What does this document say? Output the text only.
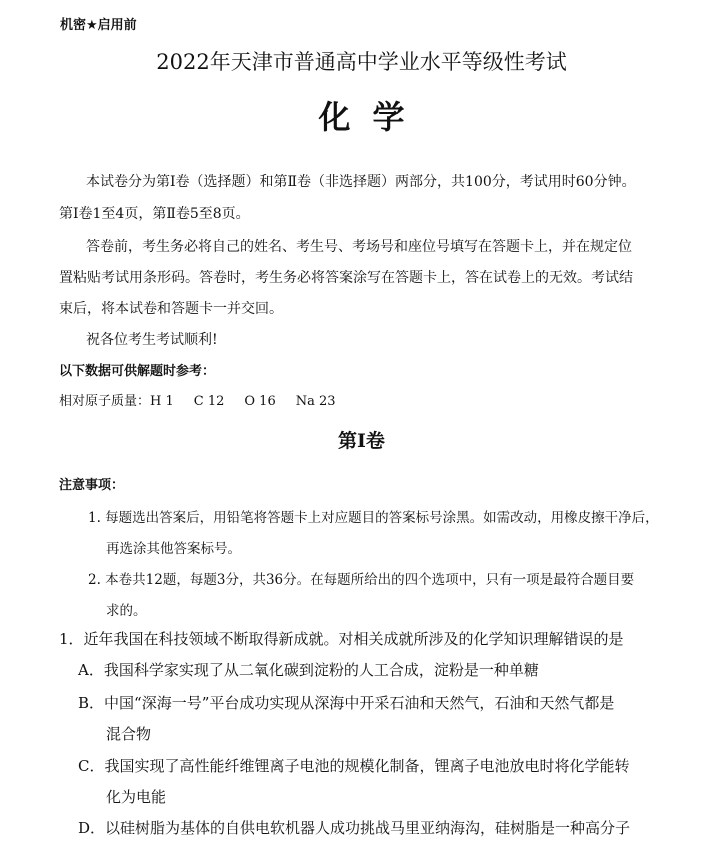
机密★启用前
2022年天津市普通高中学业水平等级性考试
化学
本试卷分为第Ⅰ卷（选择题）和第Ⅱ卷（非选择题）两部分，共100分，考试用时60分钟。
第Ⅰ卷1至4页，第Ⅱ卷5至8页。
答卷前，考生务必将自己的姓名、考生号、考场号和座位号填写在答题卡上，并在规定位
置粘贴考试用条形码。答卷时，考生务必将答案涂写在答题卡上，答在试卷上的无效。考试结
束后，将本试卷和答题卡一并交回。
祝各位考生考试顺利!
以下数据可供解题时参考：
相对原子质量：H 1 C 12 O 16 Na 23
第Ⅰ卷
注意事项：
1. 每题选出答案后，用铅笔将答题卡上对应题目的答案标号涂黑。如需改动，用橡皮擦干净后，
再选涂其他答案标号。
2. 本卷共12题，每题3分，共36分。在每题所给出的四个选项中，只有一项是最符合题目要
求的。
1．近年我国在科技领域不断取得新成就。对相关成就所涉及的化学知识理解错误的是
A．我国科学家实现了从二氧化碳到淀粉的人工合成，淀粉是一种单糖
B．中国“深海一号”平台成功实现从深海中开采石油和天然气，石油和天然气都是
混合物
C．我国实现了高性能纤维锂离子电池的规模化制备，锂离子电池放电时将化学能转
化为电能
D．以硅树脂为基体的自供电软机器人成功挑战马里亚纳海沟，硅树脂是一种高分子
